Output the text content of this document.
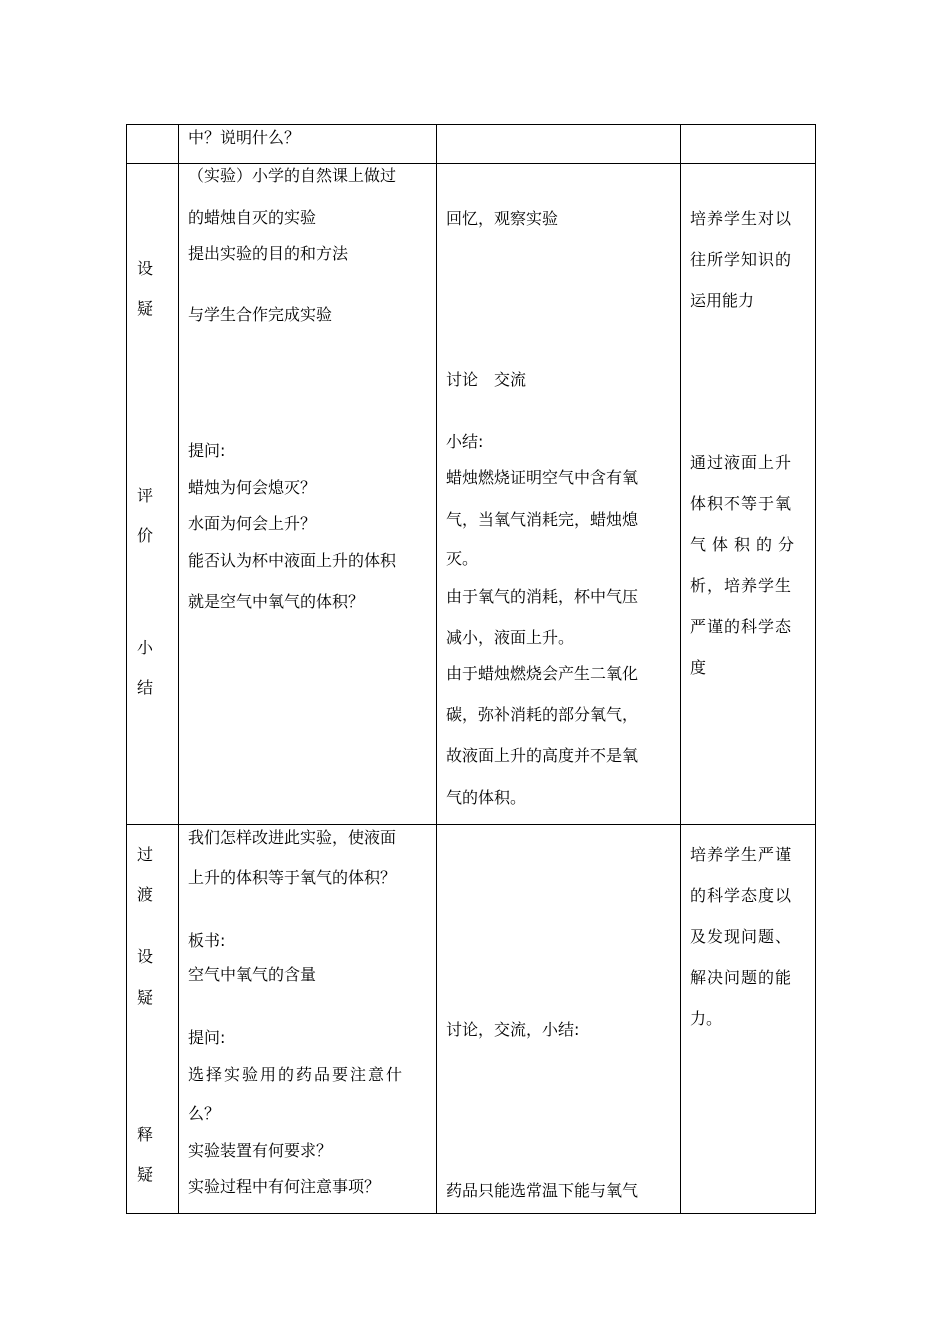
中？说明什么？
设
疑
评
价
小
结
（实验）小学的自然课上做过
的蜡烛自灭的实验
提出实验的目的和方法
与学生合作完成实验
提问:
蜡烛为何会熄灭？
水面为何会上升？
能否认为杯中液面上升的体积
就是空气中氧气的体积？
回忆，观察实验
讨论　交流
小结:
蜡烛燃烧证明空气中含有氧
气，当氧气消耗完，蜡烛熄
灭。
由于氧气的消耗，杯中气压
减小，液面上升。
由于蜡烛燃烧会产生二氧化
碳，弥补消耗的部分氧气，
故液面上升的高度并不是氧
气的体积。
培养学生对以
往所学知识的
运用能力
通过液面上升
体积不等于氧
气体积的分
析，培养学生
严谨的科学态
度
过
渡
设
疑
释
疑
我们怎样改进此实验，使液面
上升的体积等于氧气的体积？
板书:
空气中氧气的含量
提问:
选择实验用的药品要注意什
么？
实验装置有何要求？
实验过程中有何注意事项？
讨论，交流，小结:
药品只能选常温下能与氧气
培养学生严谨
的科学态度以
及发现问题、
解决问题的能
力。
